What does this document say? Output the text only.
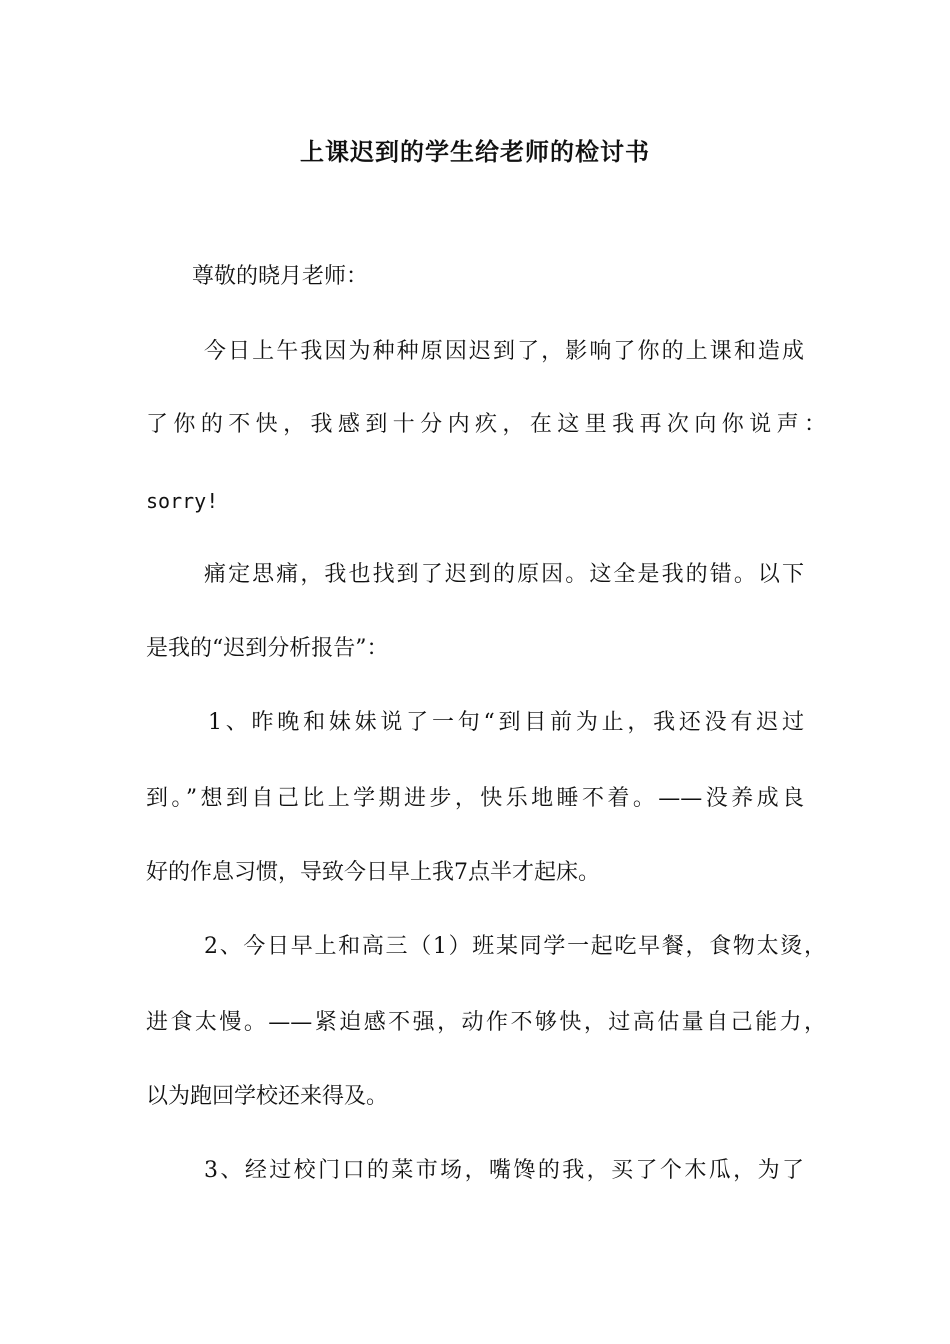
上课迟到的学生给老师的检讨书
尊敬的晓月老师：
今日上午我因为种种原因迟到了，影响了你的上课和造成
了你的不快，我感到十分内疚，在这里我再次向你说声：
sorry!
痛定思痛，我也找到了迟到的原因。这全是我的错。以下
是我的“迟到分析报告”：
1、昨晚和妹妹说了一句“到目前为止，我还没有迟过
到。”想到自己比上学期进步，快乐地睡不着。——没养成良
好的作息习惯，导致今日早上我7点半才起床。
2、今日早上和高三（1）班某同学一起吃早餐，食物太烫，
进食太慢。——紧迫感不强，动作不够快，过高估量自己能力，
以为跑回学校还来得及。
3、经过校门口的菜市场，嘴馋的我，买了个木瓜，为了
